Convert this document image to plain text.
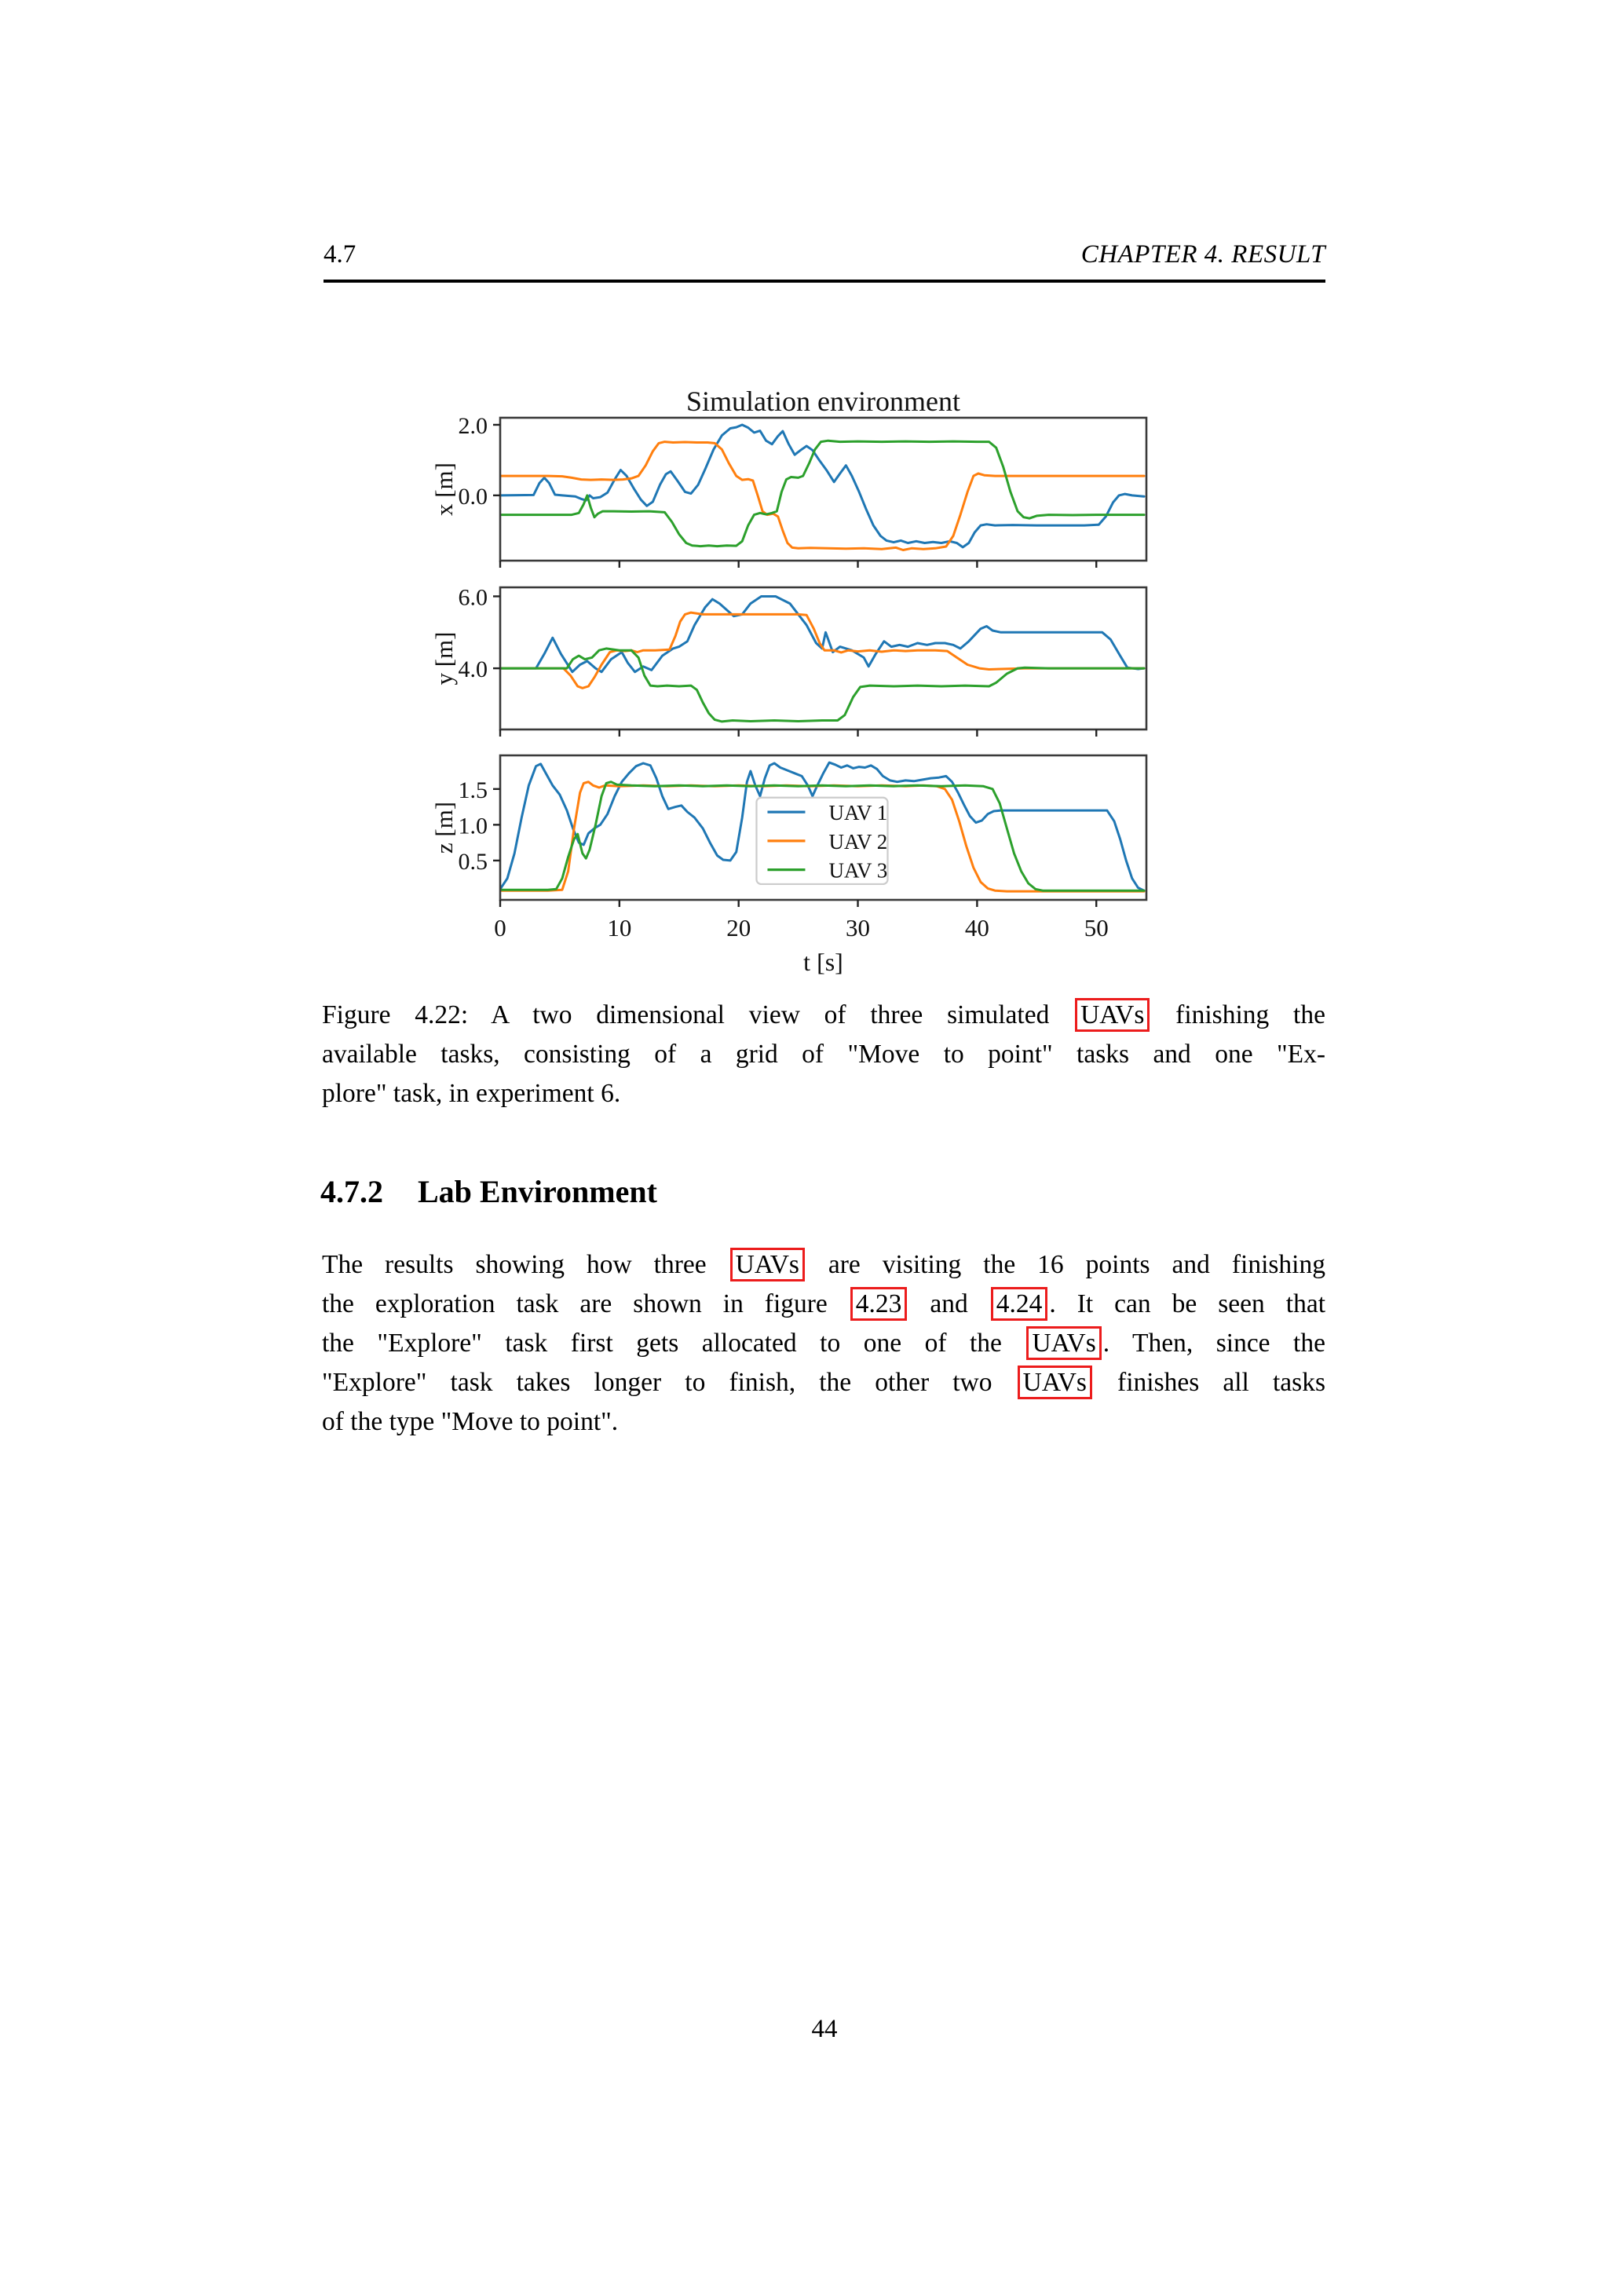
4.7	CHAPTER 4. RESULT
Simulation environment
t [s]
0.0
2.0
x [m]
4.0
6.0
y [m]
0.5
1.0
1.5
0	10	20	30	40	50
z [m]	UAV 1
UAV 2
UAV 3
Figure 4.22: A two dimensional view of three simulated UAVs finishing the
available tasks, consisting of a grid of "Move to point" tasks and one "Ex-
plore" task, in experiment 6.
4.7.2 Lab Environment
The results showing how three UAVs are visiting the 16 points and finishing
the exploration task are shown in figure 4.23 and 4.24 . It can be seen that
the "Explore" task first gets allocated to one of the UAVs . Then, since the
"Explore" task takes longer to finish, the other two UAVs finishes all tasks
of the type "Move to point".
44
